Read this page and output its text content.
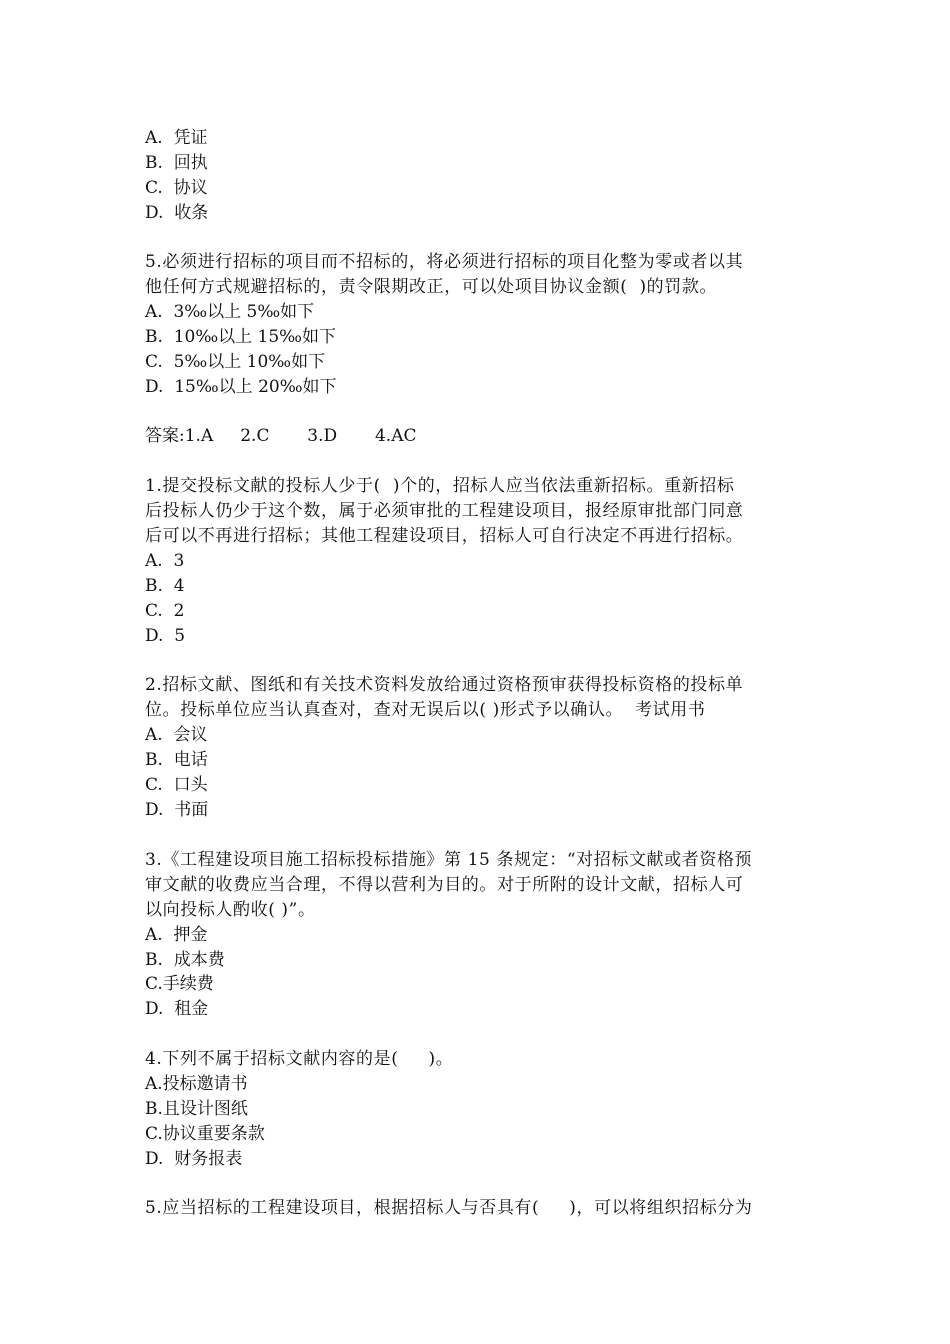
A.  凭证
B.  回执
C.  协议
D.  收条
5.必须进行招标的项目而不招标的，将必须进行招标的项目化整为零或者以其
他任何方式规避招标的，责令限期改正，可以处项目协议金额(  )的罚款。
A.  3‰以上 5‰如下
B.  10‰以上 15‰如下
C.  5‰以上 10‰如下
D.  15‰以上 20‰如下
答案:1.A     2.C       3.D       4.AC
1.提交投标文献的投标人少于(  )个的，招标人应当依法重新招标。重新招标
后投标人仍少于这个数，属于必须审批的工程建设项目，报经原审批部门同意
后可以不再进行招标；其他工程建设项目，招标人可自行决定不再进行招标。
A.  3
B.  4
C.  2
D.  5
2.招标文献、图纸和有关技术资料发放给通过资格预审获得投标资格的投标单
位。投标单位应当认真查对，查对无误后以( )形式予以确认。  考试用书
A.  会议
B.  电话
C.  口头
D.  书面
3.《工程建设项目施工招标投标措施》第 15 条规定：“对招标文献或者资格预
审文献的收费应当合理，不得以营利为目的。对于所附的设计文献，招标人可
以向投标人酌收( )”。
A.  押金
B.  成本费
C.手续费
D.  租金
4.下列不属于招标文献内容的是(     )。
A.投标邀请书
B.且设计图纸
C.协议重要条款
D.  财务报表
5.应当招标的工程建设项目，根据招标人与否具有(     )，可以将组织招标分为
